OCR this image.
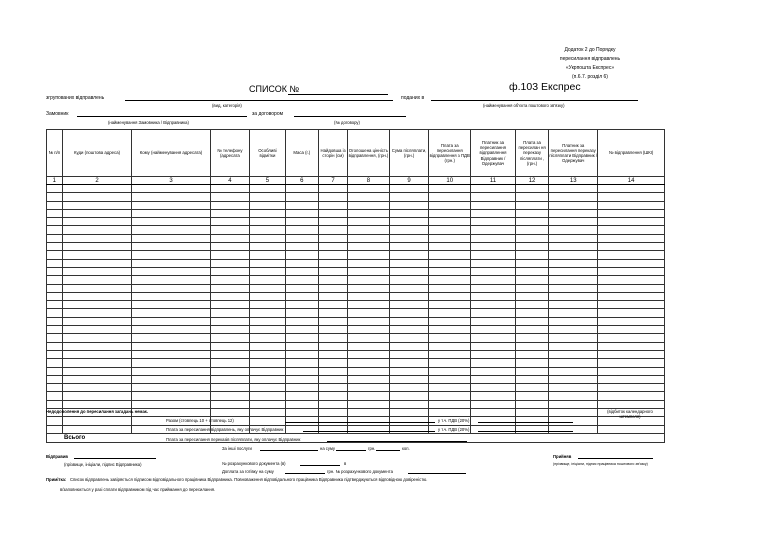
Додаток 2 до Порядку
пересилання відправлень
«Укрпошта Експрес»
(п.6.7. розділ 6)
СПИСОК №	ф.103 Експрес
згрупованих відправлень
(вид, категорія)
поданих в
(найменування об'єкта поштового зв'язку)
Замовник
(найменування Замовника / Відправника)
за договором
(№ договору)
№ п/п	Куди (поштова адреса)	Кому (найменування адресата)	№ телефону (адресата	Особливі відмітки	Маса (г.)	Найдовша із сторін (см)	Оголошена цінність відправлення, (грн.)	Сума післяплати, (грн.)	Плата за пересилання відправлення з ПДВ (грн.)	Платник за пересилання відправлення Відправник / Одержувач	Плата за пересилан ня переказу післяплати , (грн.)	Платник за пересилання переказу післяплати Відправник / Одержувач	№ відправлення (ШКІ)
1	2	3	4	5	6	7	8	9	10	11	12	13	14

Всього													
Недодоволення до пересилання загадань немає.	(відбиток календарного штемпеля)
Разом (стовпець 10 + стовпець 12)	у т.ч. ПДВ (20%)
Плата за пересилання відправлень, яку оплачує Відправник	у т.ч. ПДВ (20%)
Плата за пересилання переказів післяплати, яку оплачує Відправник
За інші послуги	на суму	грн.	коп.
Відправив
(прізвище, ініціали, підпис Відправника)	№ розрахункового документа (в)	в
Доплата за готівку на суму	грн. № розрахункового документа
Прийняв
(прізвище, ініціали, підпис працівника поштового зв'язку)
Примітка: Список відправлень завіряється підписом відповідального працівника Відправника. Повноваження відповідального працівника Відправника підтверджуються відповідною довіреністю.
в/заповнюється у разі сплати відправником під час приймання до пересилання.
